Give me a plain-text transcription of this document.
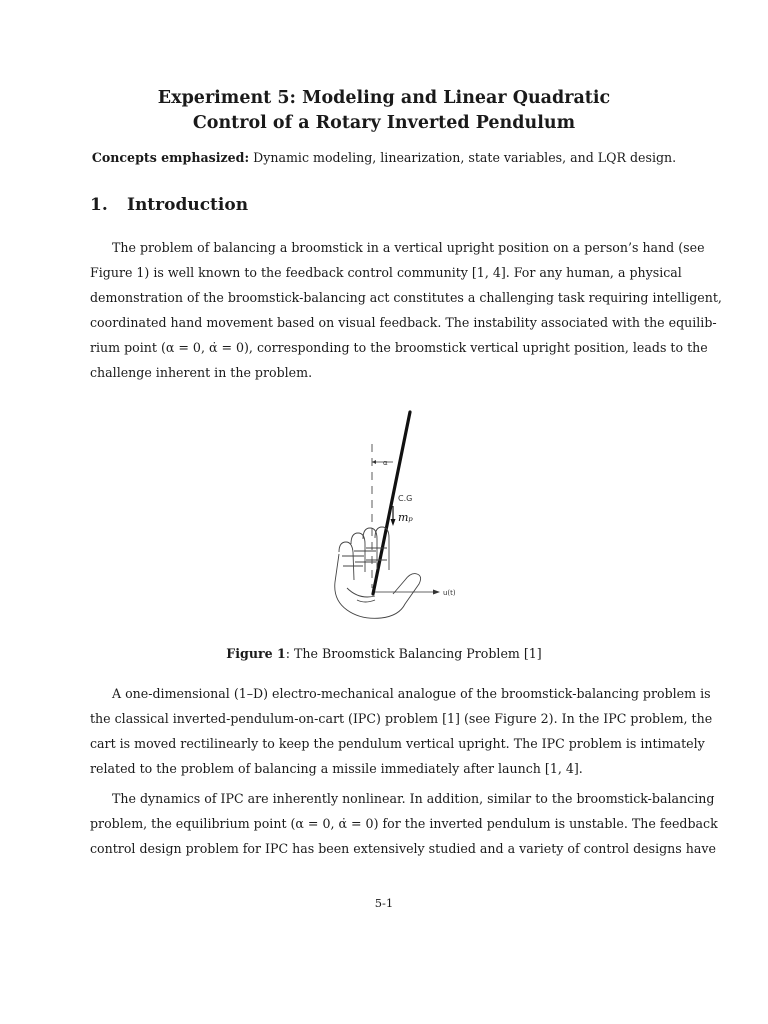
Experiment 5: Modeling and Linear Quadratic
Control of a Rotary Inverted Pendulum
Concepts emphasized: Dynamic modeling, linearization, state variables, and LQR design.
1. Introduction

The problem of balancing a broomstick in a vertical upright position on a person’s hand (see
Figure 1) is well known to the feedback control community [1, 4]. For any human, a physical
demonstration of the broomstick-balancing act constitutes a challenging task requiring intelligent,
coordinated hand movement based on visual feedback. The instability associated with the equilib-
rium point (α = 0, α̇ = 0), corresponding to the broomstick vertical upright position, leads to the
challenge inherent in the problem.

α
C.G
mₚ
u(t)
Figure 1: The Broomstick Balancing Problem [1]

A one-dimensional (1–D) electro-mechanical analogue of the broomstick-balancing problem is
the classical inverted-pendulum-on-cart (IPC) problem [1] (see Figure 2). In the IPC problem, the
cart is moved rectilinearly to keep the pendulum vertical upright. The IPC problem is intimately
related to the problem of balancing a missile immediately after launch [1, 4].

The dynamics of IPC are inherently nonlinear. In addition, similar to the broomstick-balancing
problem, the equilibrium point (α = 0, α̇ = 0) for the inverted pendulum is unstable. The feedback
control design problem for IPC has been extensively studied and a variety of control designs have

5-1
